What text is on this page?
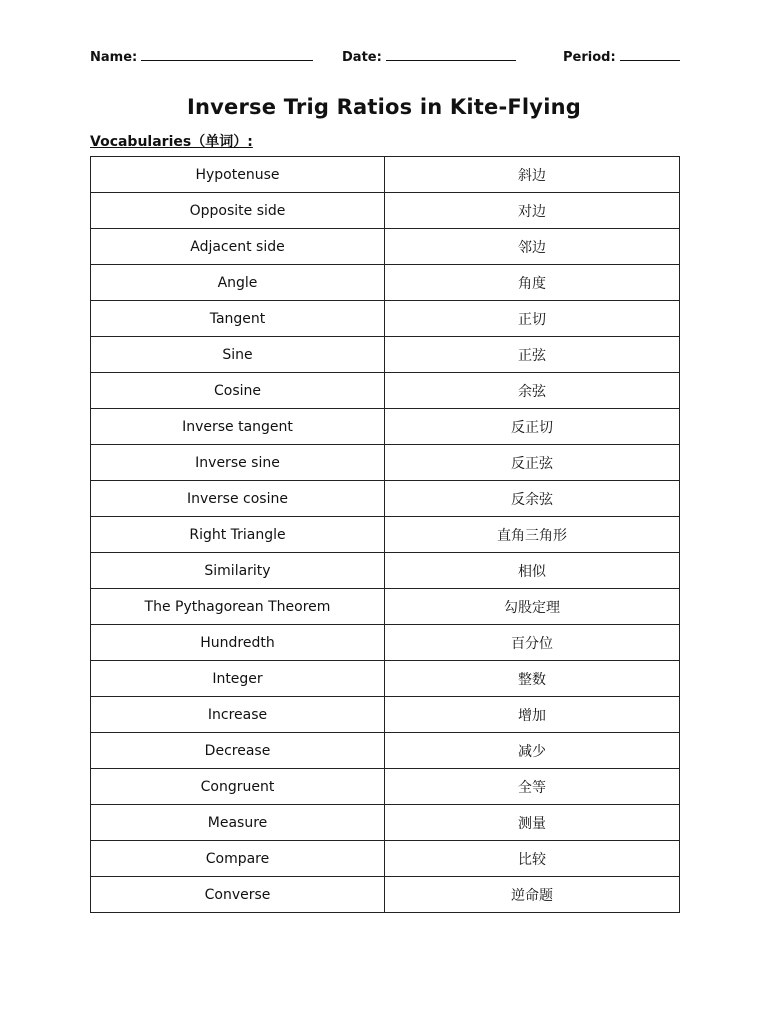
Name:	Date:	Period:
Inverse Trig Ratios in Kite-Flying
Vocabularies（单词）:
Hypotenuse	斜边
Opposite side	对边
Adjacent side	邻边
Angle	角度
Tangent	正切
Sine	正弦
Cosine	余弦
Inverse tangent	反正切
Inverse sine	反正弦
Inverse cosine	反余弦
Right Triangle	直角三角形
Similarity	相似
The Pythagorean Theorem	勾股定理
Hundredth	百分位
Integer	整数
Increase	增加
Decrease	减少
Congruent	全等
Measure	测量
Compare	比较
Converse	逆命题
